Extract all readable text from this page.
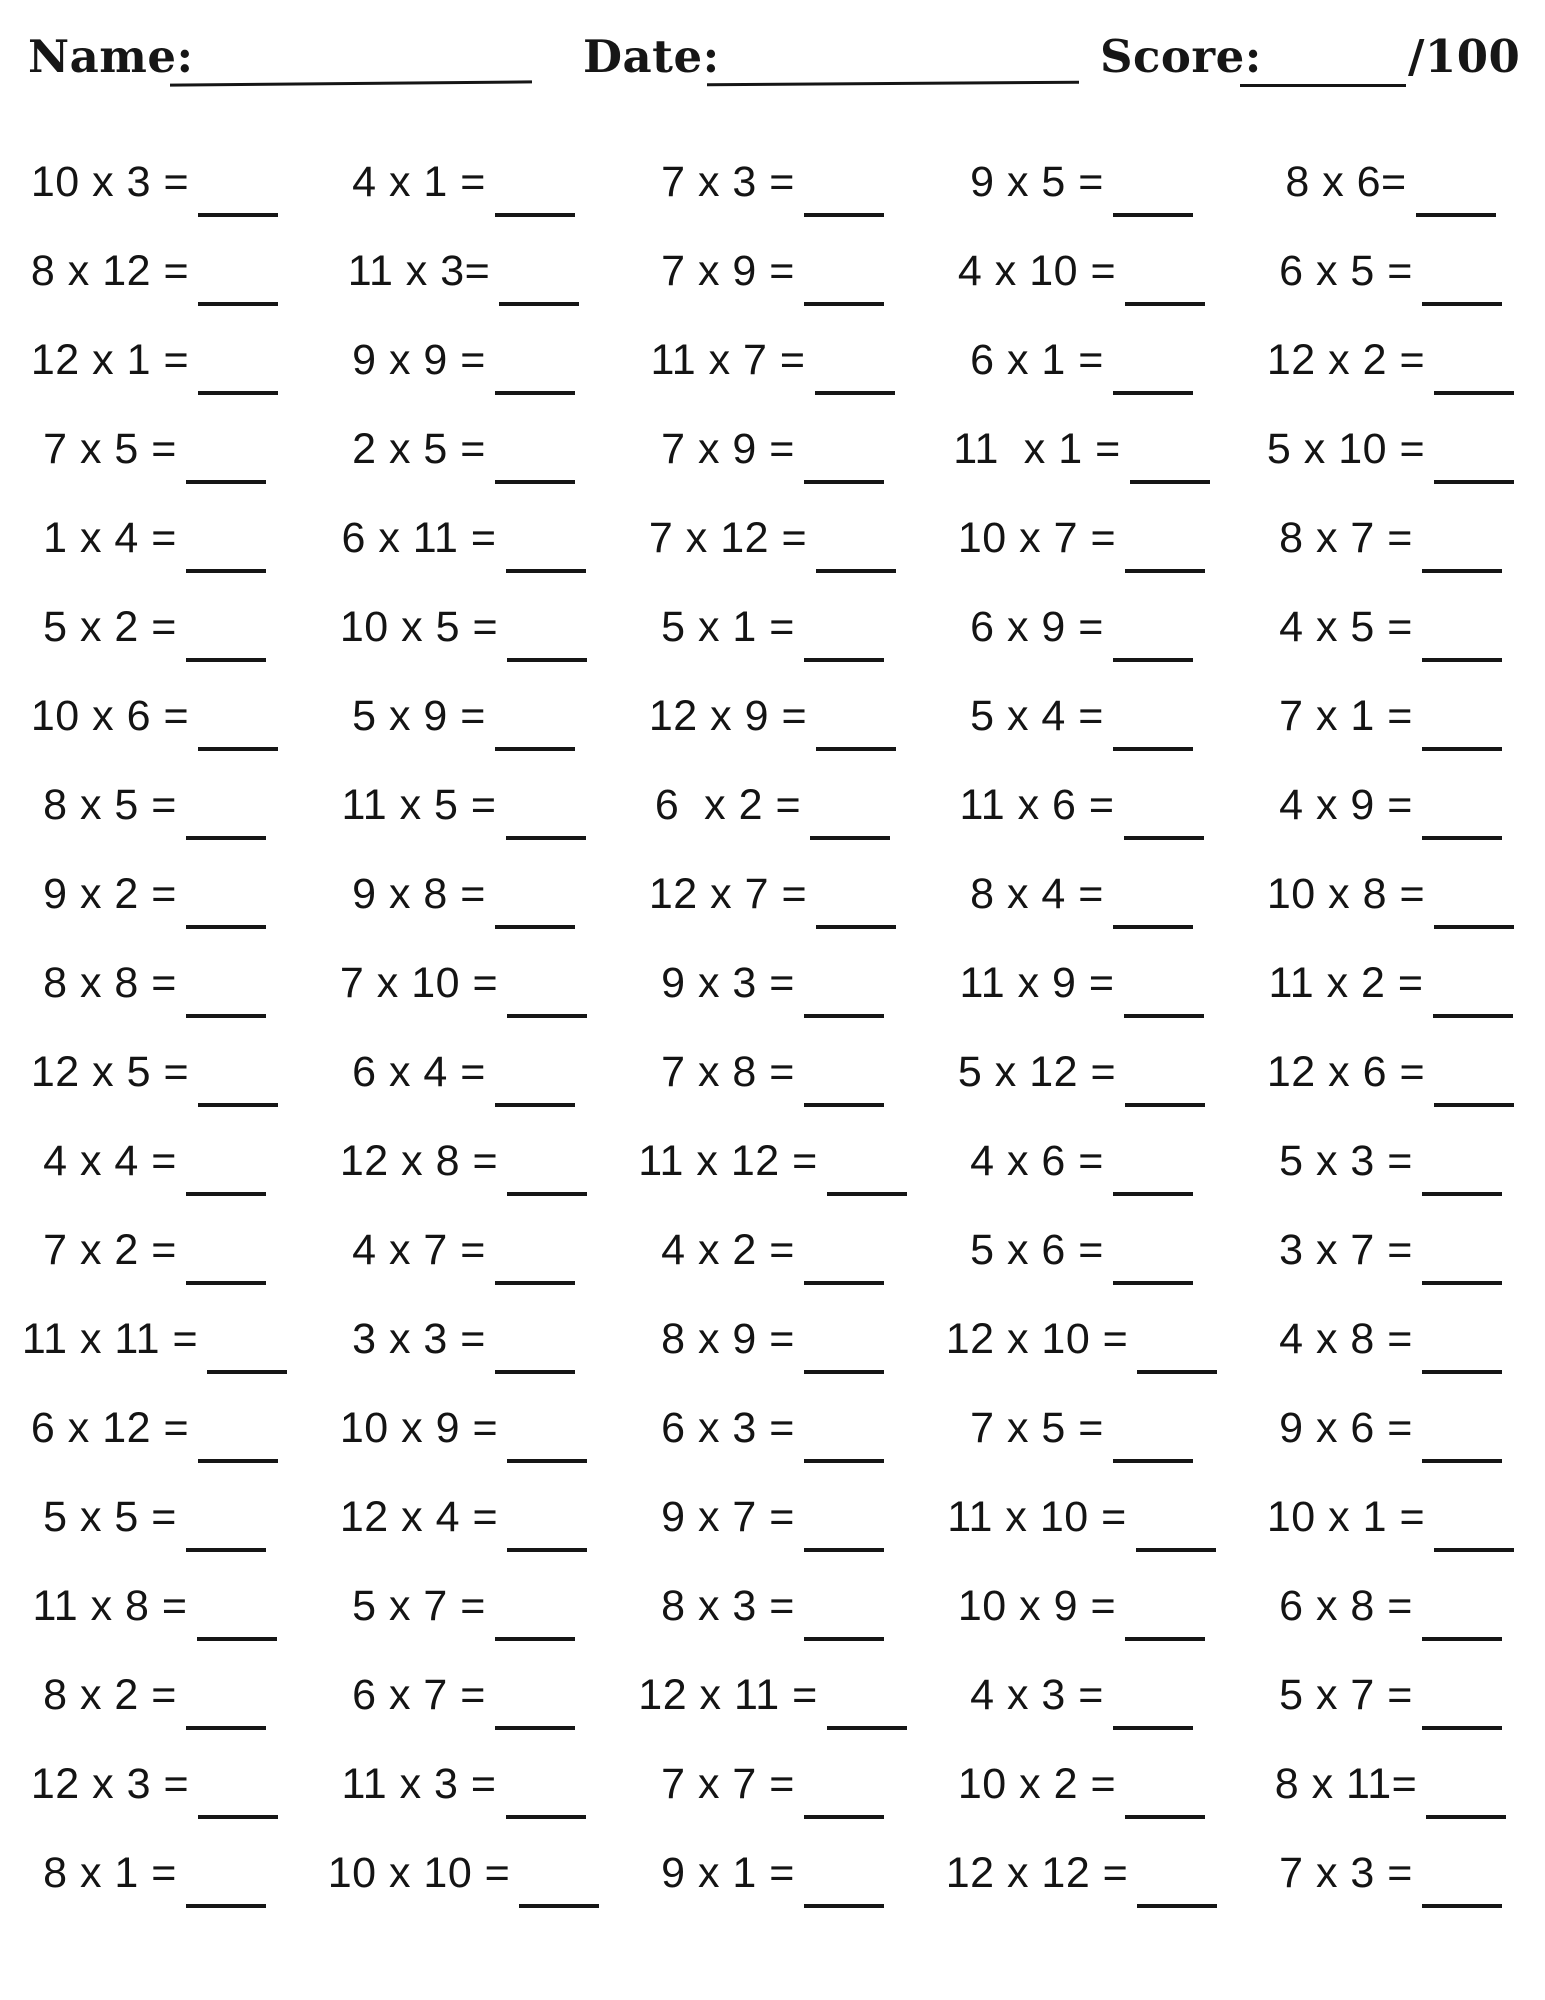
Name:	Date:	Score:	/100
10 x 3 =	4 x 1 =	7 x 3 =	9 x 5 =	8 x 6=
8 x 12 =	11 x 3=	7 x 9 =	4 x 10 =	6 x 5 =
12 x 1 =	9 x 9 =	11 x 7 =	6 x 1 =	12 x 2 =
7 x 5 =	2 x 5 =	7 x 9 =	11  x 1 =	5 x 10 =
1 x 4 =	6 x 11 =	7 x 12 =	10 x 7 =	8 x 7 =
5 x 2 =	10 x 5 =	5 x 1 =	6 x 9 =	4 x 5 =
10 x 6 =	5 x 9 =	12 x 9 =	5 x 4 =	7 x 1 =
8 x 5 =	11 x 5 =	6  x 2 =	11 x 6 =	4 x 9 =
9 x 2 =	9 x 8 =	12 x 7 =	8 x 4 =	10 x 8 =
8 x 8 =	7 x 10 =	9 x 3 =	11 x 9 =	11 x 2 =
12 x 5 =	6 x 4 =	7 x 8 =	5 x 12 =	12 x 6 =
4 x 4 =	12 x 8 =	11 x 12 =	4 x 6 =	5 x 3 =
7 x 2 =	4 x 7 =	4 x 2 =	5 x 6 =	3 x 7 =
11 x 11 =	3 x 3 =	8 x 9 =	12 x 10 =	4 x 8 =
6 x 12 =	10 x 9 =	6 x 3 =	7 x 5 =	9 x 6 =
5 x 5 =	12 x 4 =	9 x 7 =	11 x 10 =	10 x 1 =
11 x 8 =	5 x 7 =	8 x 3 =	10 x 9 =	6 x 8 =
8 x 2 =	6 x 7 =	12 x 11 =	4 x 3 =	5 x 7 =
12 x 3 =	11 x 3 =	7 x 7 =	10 x 2 =	8 x 11=
8 x 1 =	10 x 10 =	9 x 1 =	12 x 12 =	7 x 3 =
